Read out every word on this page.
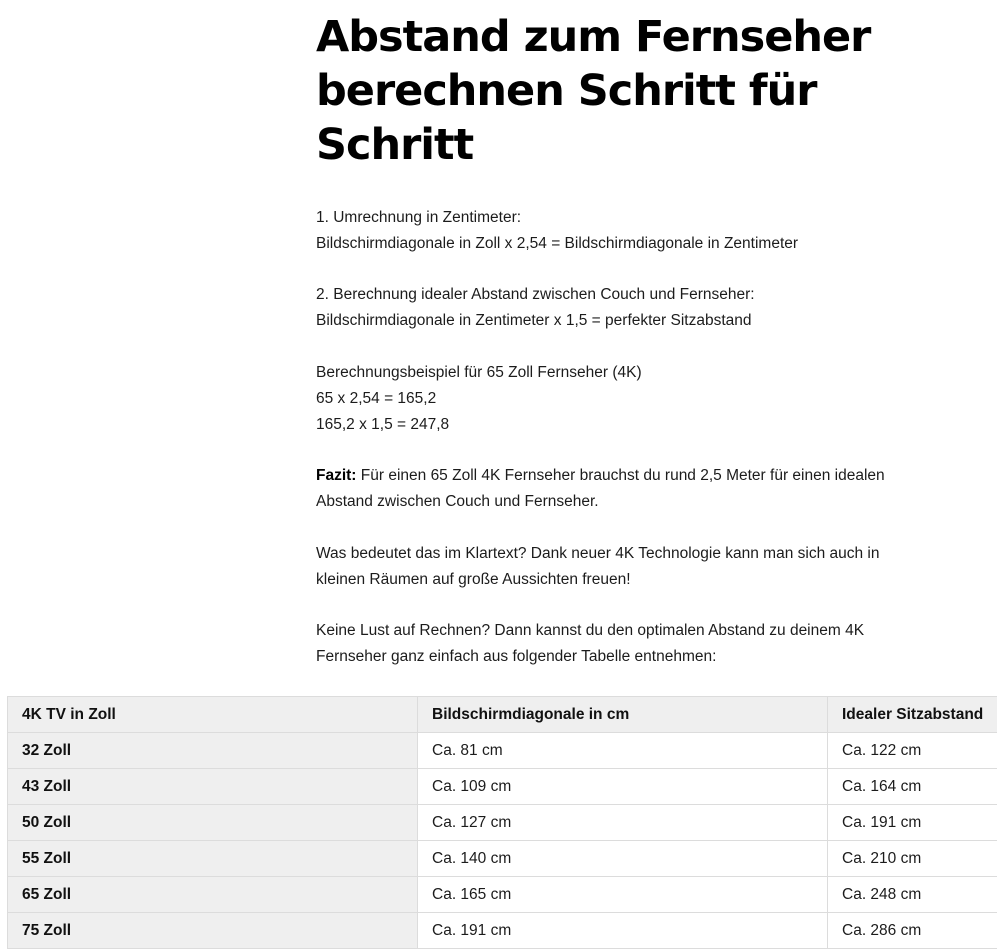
Abstand zum Fernseher berechnen Schritt für Schritt

1. Umrechnung in Zentimeter:
Bildschirmdiagonale in Zoll x 2,54 = Bildschirmdiagonale in Zentimeter

2. Berechnung idealer Abstand zwischen Couch und Fernseher:
Bildschirmdiagonale in Zentimeter x 1,5 = perfekter Sitzabstand

Berechnungsbeispiel für 65 Zoll Fernseher (4K)
65 x 2,54 = 165,2
165,2 x 1,5 = 247,8

Fazit: Für einen 65 Zoll 4K Fernseher brauchst du rund 2,5 Meter für einen idealen
Abstand zwischen Couch und Fernseher.

Was bedeutet das im Klartext? Dank neuer 4K Technologie kann man sich auch in
kleinen Räumen auf große Aussichten freuen!

Keine Lust auf Rechnen? Dann kannst du den optimalen Abstand zu deinem 4K
Fernseher ganz einfach aus folgender Tabelle entnehmen:

4K TV in Zoll	Bildschirmdiagonale in cm	Idealer Sitzabstand
32 Zoll	Ca. 81 cm	Ca. 122 cm
43 Zoll	Ca. 109 cm	Ca. 164 cm
50 Zoll	Ca. 127 cm	Ca. 191 cm
55 Zoll	Ca. 140 cm	Ca. 210 cm
65 Zoll	Ca. 165 cm	Ca. 248 cm
75 Zoll	Ca. 191 cm	Ca. 286 cm
